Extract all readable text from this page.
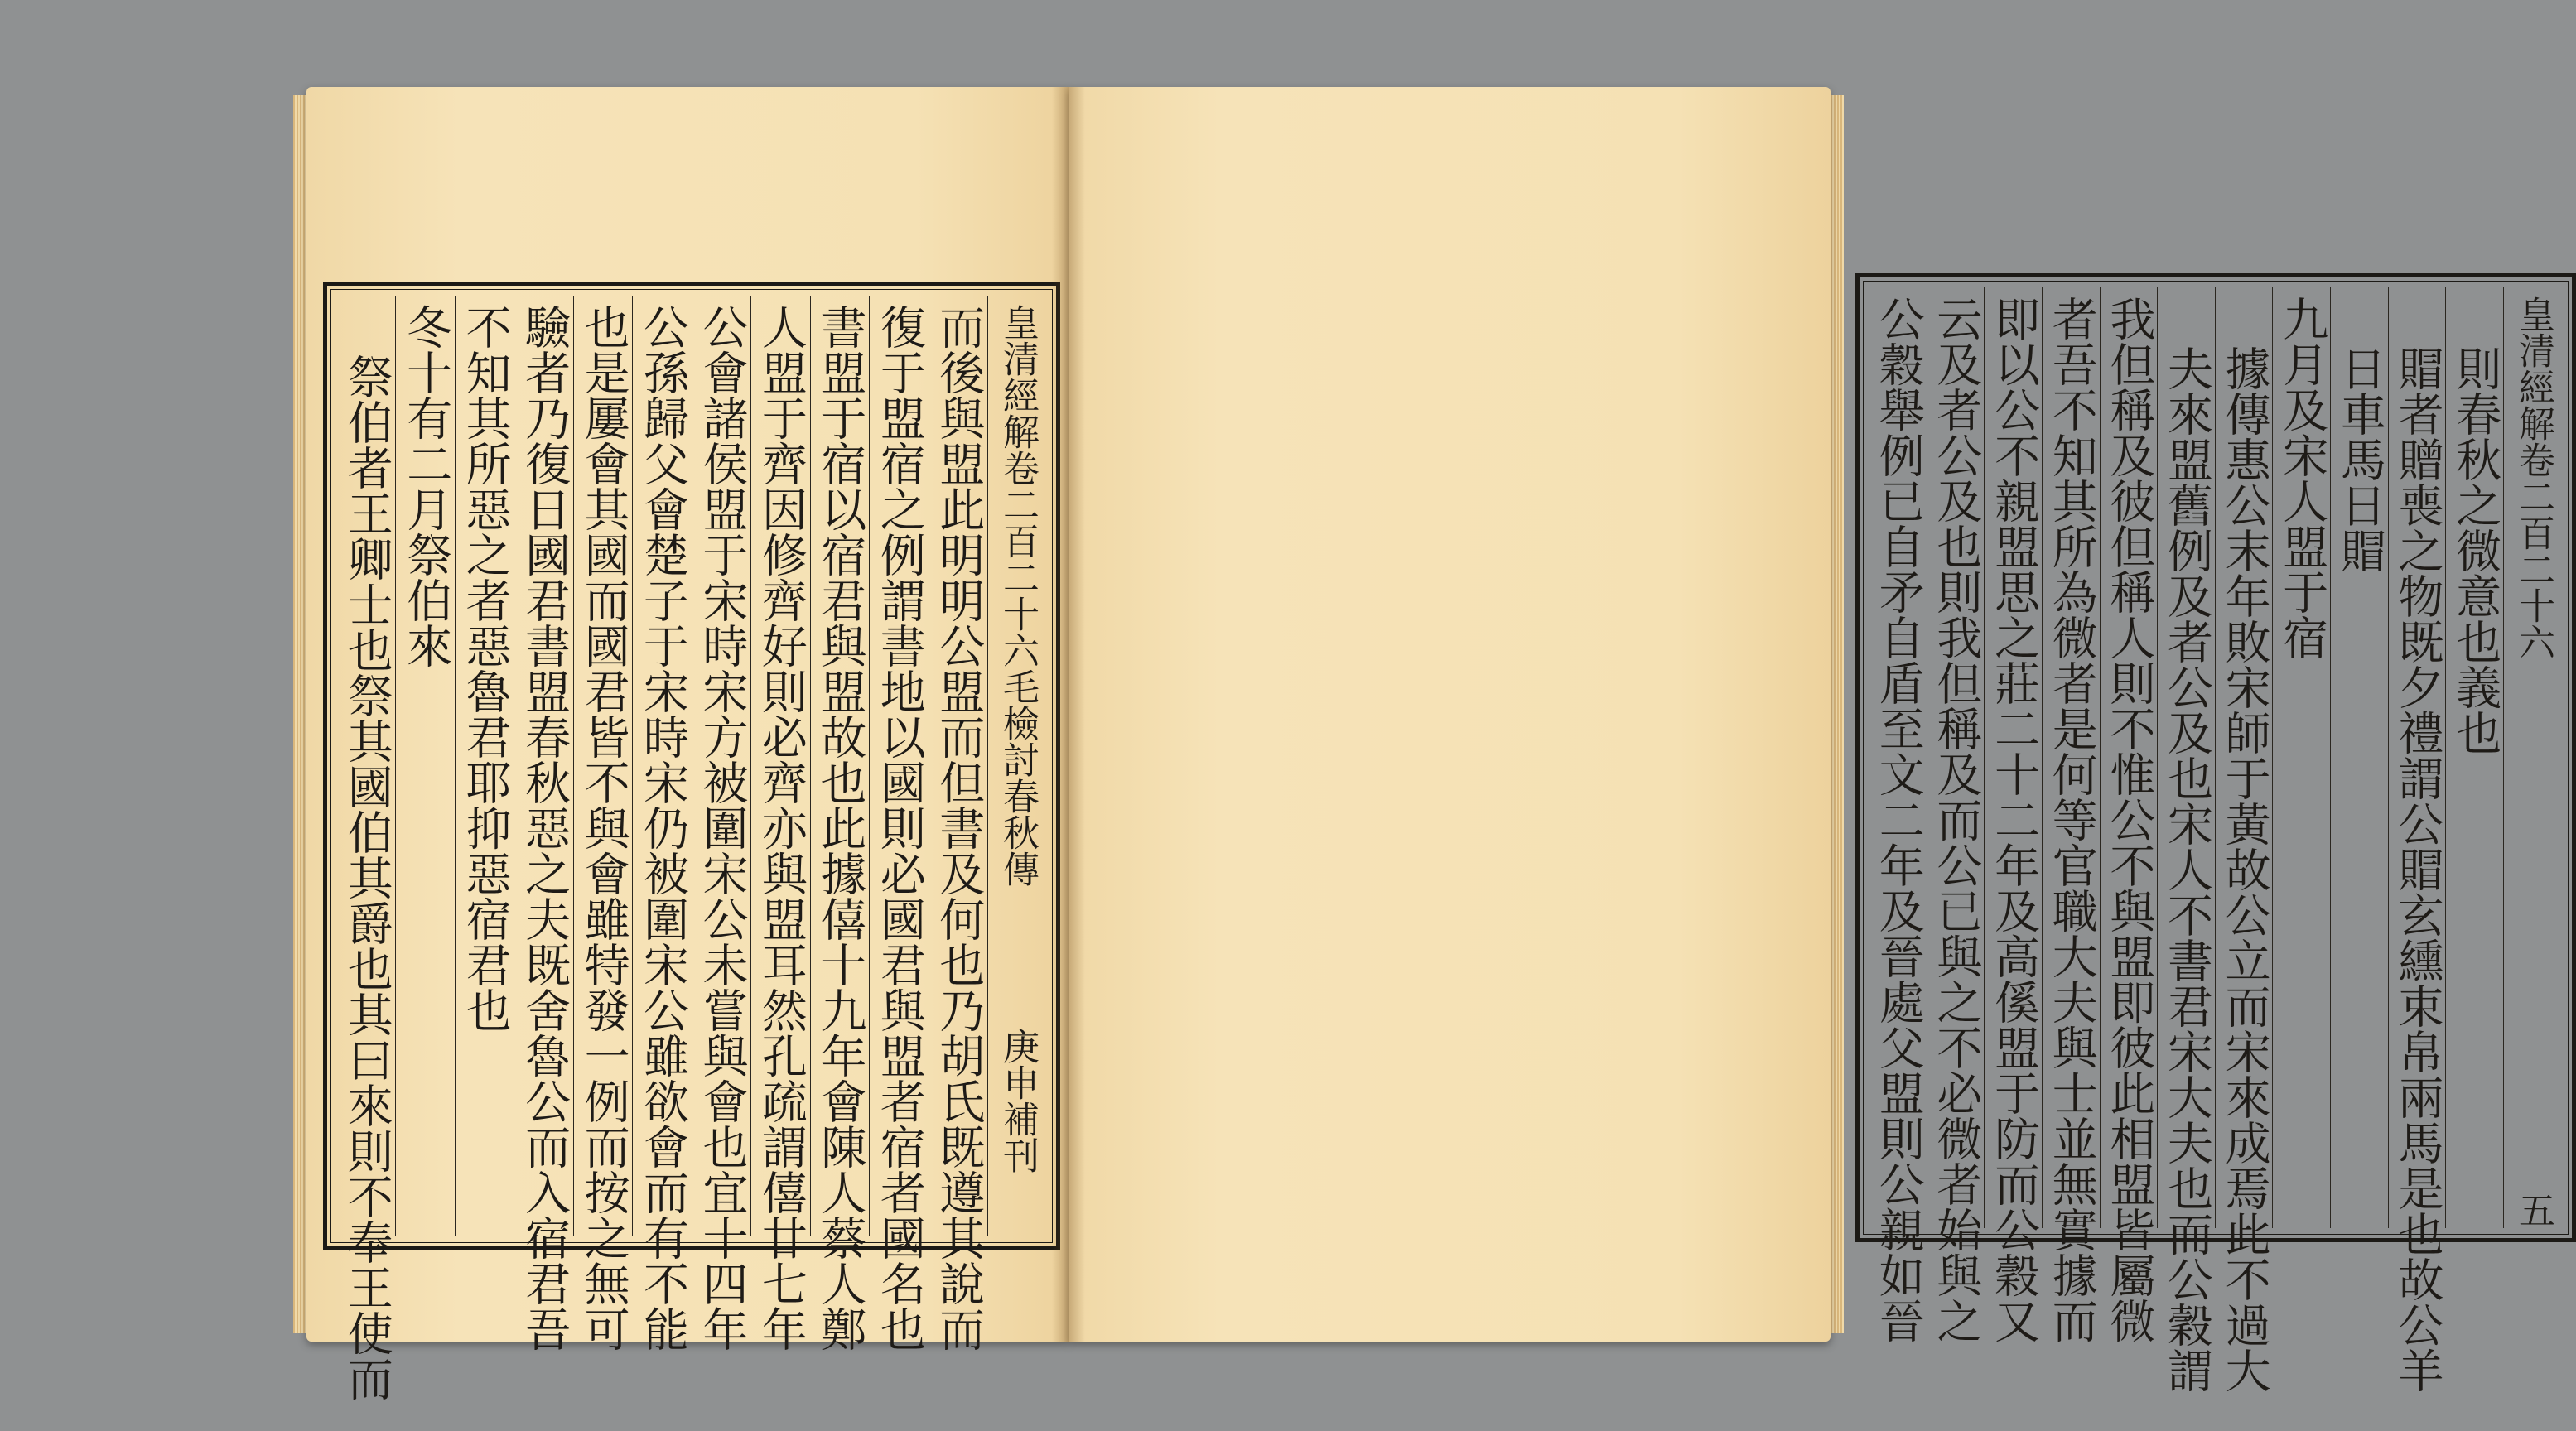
皇清經解
卷二百二十六
毛檢討春秋傳
庚申補刊
而後與盟此明明公盟而但書及何也乃胡氏既遵其說而
復于盟宿之例謂書地以國則必國君與盟者宿者國名也
書盟于宿以宿君與盟故也此據僖十九年會陳人蔡人鄭
人盟于齊因修齊好則必齊亦與盟耳然孔疏謂僖廿七年
公會諸侯盟于宋時宋方被圍宋公未嘗與會也宜十四年
公孫歸父會楚子于宋時宋仍被圍宋公雖欲會而有不能
也是屢會其國而國君皆不與會雖特發一例而按之無可
驗者乃復日國君書盟春秋惡之夫既舍魯公而入宿君吾
不知其所惡之者惡魯君耶抑惡宿君也
冬十有二月祭伯來
祭伯者王卿士也祭其國伯其爵也其曰來則不奉王使而	皇清經解
卷二百二十六
五
則春秋之微意也義也
賵者贈喪之物既夕禮謂公賵玄纁束帛兩馬是也故公羊
日車馬日賵
九月及宋人盟于宿
據傳惠公末年敗宋師于黃故公立而宋來成焉此不過大
夫來盟舊例及者公及也宋人不書君宋大夫也而公穀謂
我但稱及彼但稱人則不惟公不與盟即彼此相盟皆屬微
者吾不知其所為微者是何等官職大夫與士並無實據而
即以公不親盟思之莊二十二年及高傒盟于防而公穀又
云及者公及也則我但稱及而公已與之不必微者始與之
公穀舉例已自矛自盾至文二年及晉處父盟則公親如晉
